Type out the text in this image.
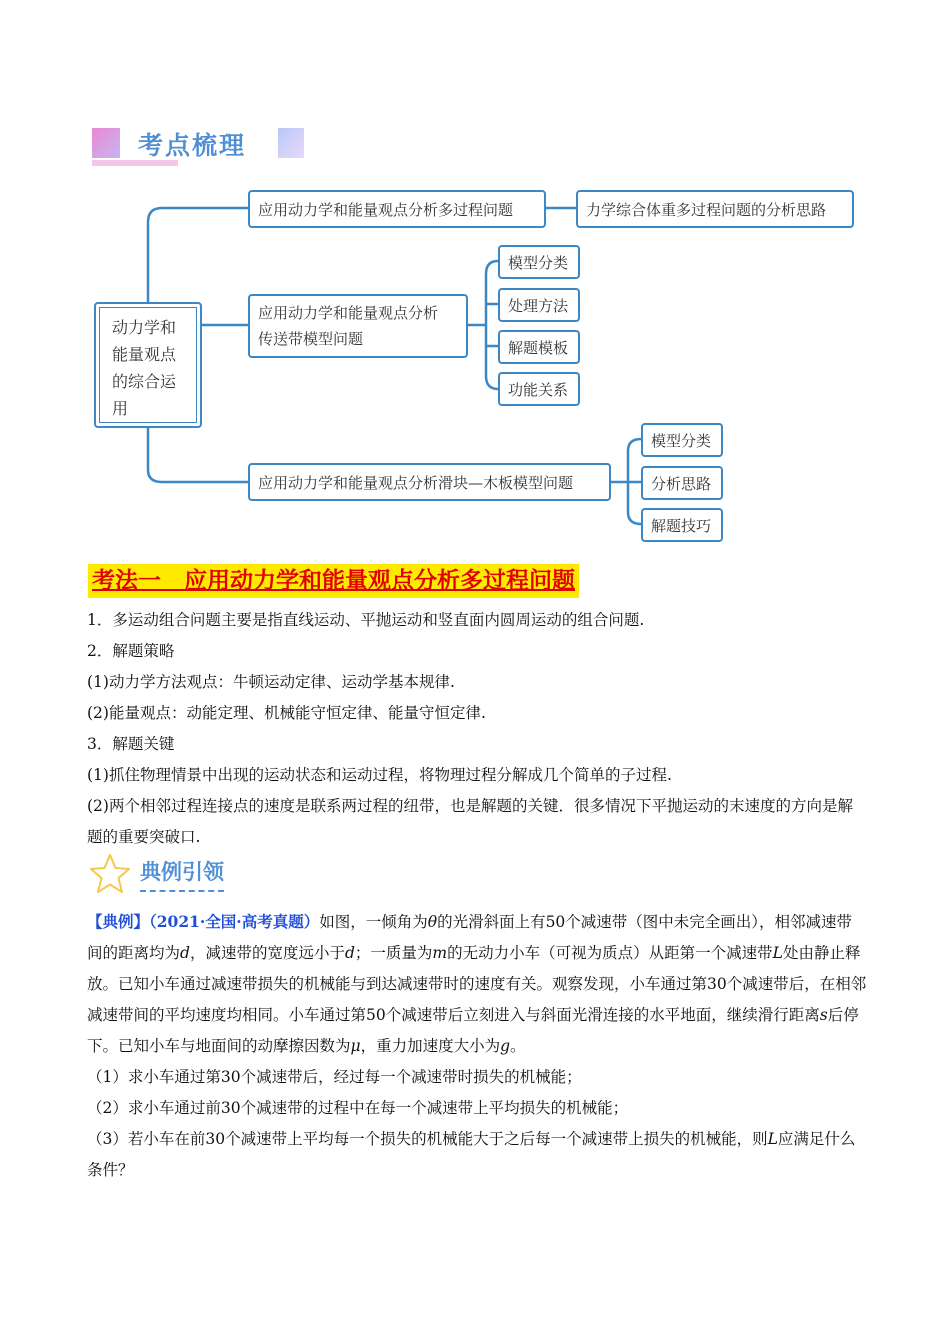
考点梳理
动力学和能量观点的综合运用
应用动力学和能量观点分析多过程问题	力学综合体重多过程问题的分析思路
应用动力学和能量观点分析
传送带模型问题
模型分类
处理方法
解题模板
功能关系
应用动力学和能量观点分析滑块—木板模型问题
模型分类
分析思路
解题技巧
考法一　应用动力学和能量观点分析多过程问题
1．多运动组合问题主要是指直线运动、平抛运动和竖直面内圆周运动的组合问题.
2．解题策略
(1)动力学方法观点：牛顿运动定律、运动学基本规律.
(2)能量观点：动能定理、机械能守恒定律、能量守恒定律.
3．解题关键
(1)抓住物理情景中出现的运动状态和运动过程，将物理过程分解成几个简单的子过程.
(2)两个相邻过程连接点的速度是联系两过程的纽带，也是解题的关键．很多情况下平抛运动的末速度的方向是解题的重要突破口.
典例引领
【典例】（2021·全国·高考真题）如图，一倾角为θ的光滑斜面上有50个减速带（图中未完全画出），相邻减速带间的距离均为d，减速带的宽度远小于d；一质量为m的无动力小车（可视为质点）从距第一个减速带L处由静止释放。已知小车通过减速带损失的机械能与到达减速带时的速度有关。观察发现，小车通过第30个减速带后，在相邻减速带间的平均速度均相同。小车通过第50个减速带后立刻进入与斜面光滑连接的水平地面，继续滑行距离s后停下。已知小车与地面间的动摩擦因数为μ，重力加速度大小为g。
（1）求小车通过第30个减速带后，经过每一个减速带时损失的机械能；
（2）求小车通过前30个减速带的过程中在每一个减速带上平均损失的机械能；
（3）若小车在前30个减速带上平均每一个损失的机械能大于之后每一个减速带上损失的机械能，则L应满足什么条件？
